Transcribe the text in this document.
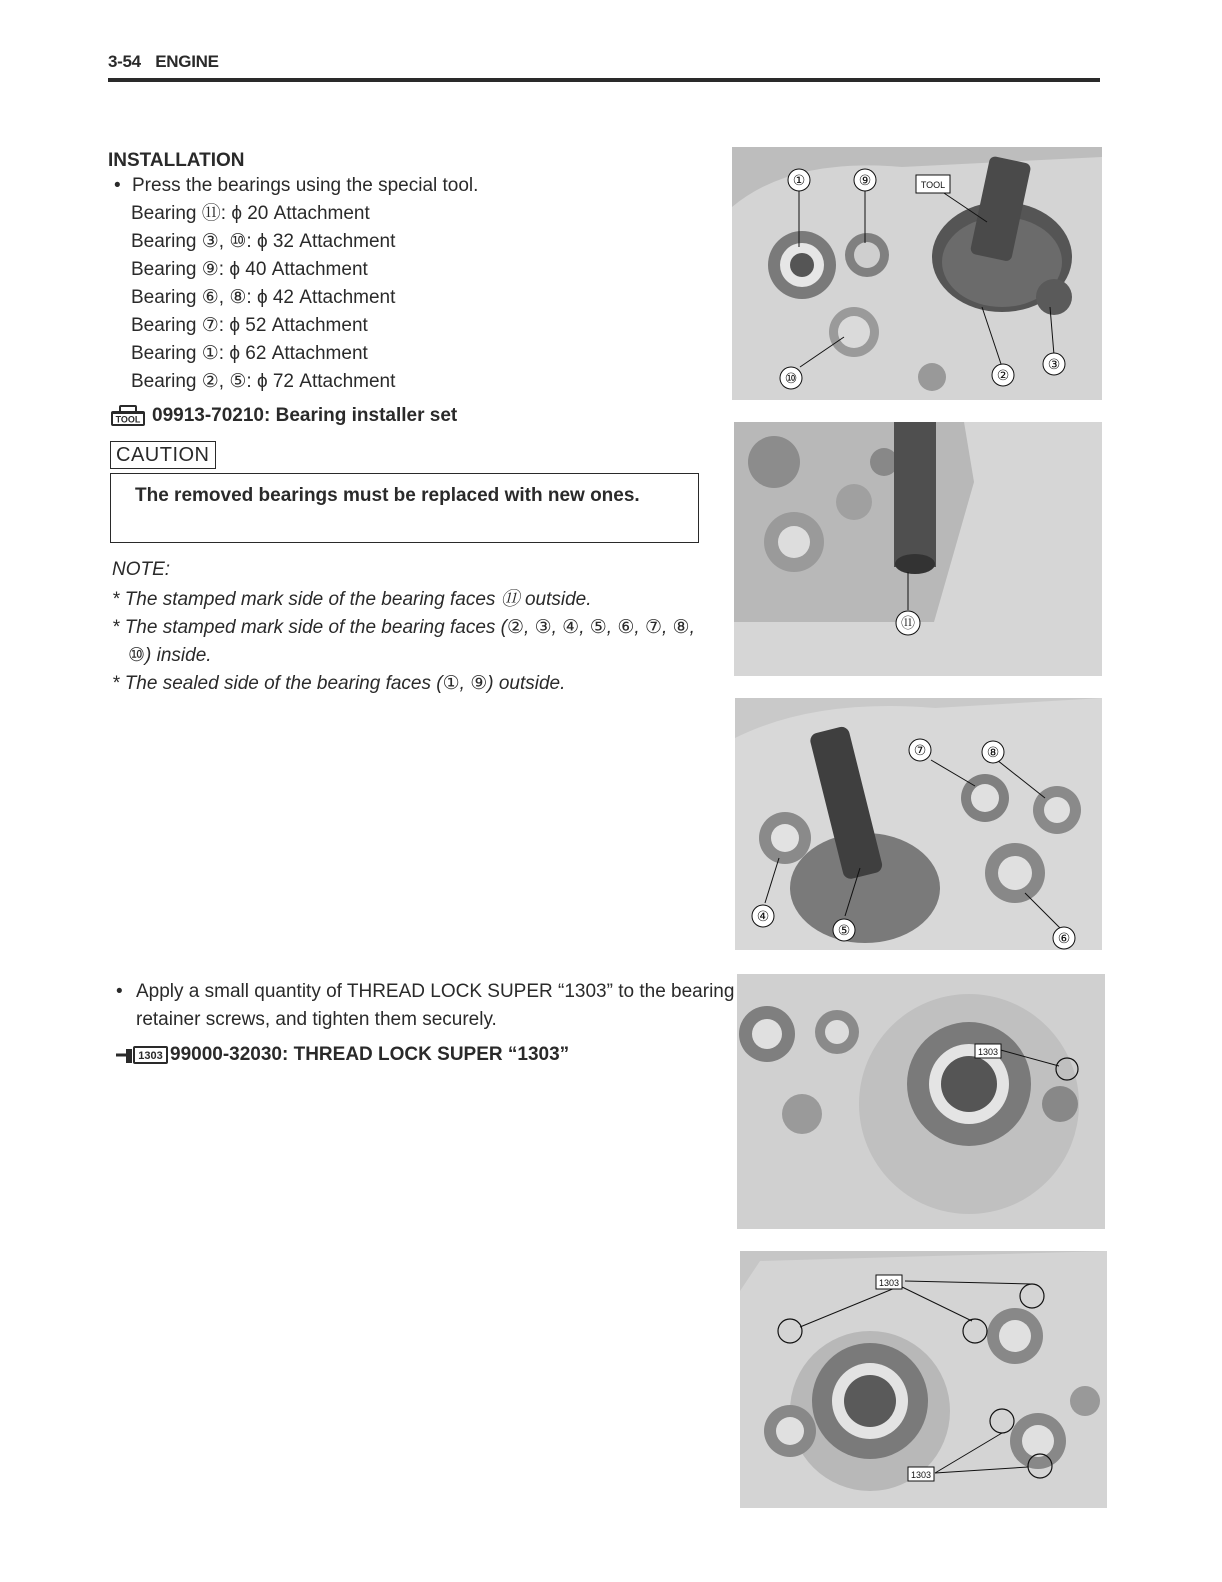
3-54 ENGINE
INSTALLATION
• Press the bearings using the special tool.
Bearing ⑪: ϕ 20 Attachment
Bearing ③, ⑩: ϕ 32 Attachment
Bearing ⑨: ϕ 40 Attachment
Bearing ⑥, ⑧: ϕ 42 Attachment
Bearing ⑦: ϕ 52 Attachment
Bearing ①: ϕ 62 Attachment
Bearing ②, ⑤: ϕ 72 Attachment
TOOL 09913-70210: Bearing installer set
CAUTION
The removed bearings must be replaced with new ones.
NOTE:
* The stamped mark side of the bearing faces ⑪ outside.
* The stamped mark side of the bearing faces (②, ③, ④, ⑤, ⑥, ⑦, ⑧, ⑩) inside.
* The sealed side of the bearing faces (①, ⑨) outside.
• Apply a small quantity of THREAD LOCK SUPER “1303” to the bearing retainer screws, and tighten them securely.
1303 99000-32030: THREAD LOCK SUPER “1303”
①	⑨	TOOL
⑩	②
③
⑪
⑦	⑧
④
⑤	⑥
1303
1303
1303
